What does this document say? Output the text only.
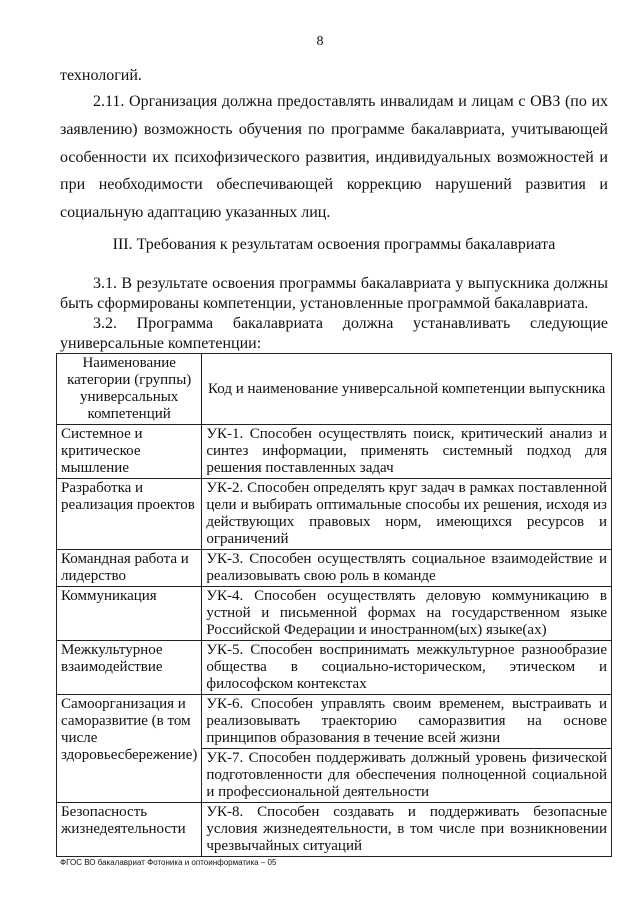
8

технологий.

2.11. Организация должна предоставлять инвалидам и лицам с ОВЗ (по их заявлению) возможность обучения по программе бакалавриата, учитывающей особенности их психофизического развития, индивидуальных возможностей и при необходимости обеспечивающей коррекцию нарушений развития и социальную адаптацию указанных лиц.

III. Требования к результатам освоения программы бакалавриата

3.1. В результате освоения программы бакалавриата у выпускника должны быть сформированы компетенции, установленные программой бакалавриата.

3.2. Программа бакалавриата должна устанавливать следующие универсальные компетенции:

Наименование категории (группы) универсальных компетенций	Код и наименование универсальной компетенции выпускника
Системное и критическое мышление	УК-1. Способен осуществлять поиск, критический анализ и синтез информации, применять системный подход для решения поставленных задач
Разработка и реализация проектов	УК-2. Способен определять круг задач в рамках поставленной цели и выбирать оптимальные способы их решения, исходя из действующих правовых норм, имеющихся ресурсов и ограничений
Командная работа и лидерство	УК-3. Способен осуществлять социальное взаимодействие и реализовывать свою роль в команде
Коммуникация	УК-4. Способен осуществлять деловую коммуникацию в устной и письменной формах на государственном языке Российской Федерации и иностранном(ых) языке(ах)
Межкультурное взаимодействие	УК-5. Способен воспринимать межкультурное разнообразие общества в социально-историческом, этическом и философском контекстах
Самоорганизация и саморазвитие (в том числе здоровьесбережение)	УК-6. Способен управлять своим временем, выстраивать и реализовывать траекторию саморазвития на основе принципов образования в течение всей жизни
	УК-7. Способен поддерживать должный уровень физической подготовленности для обеспечения полноценной социальной и профессиональной деятельности
Безопасность жизнедеятельности	УК-8. Способен создавать и поддерживать безопасные условия жизнедеятельности, в том числе при возникновении чрезвычайных ситуаций
ФГОС ВО бакалавриат Фотоника и оптоинформатика – 05
